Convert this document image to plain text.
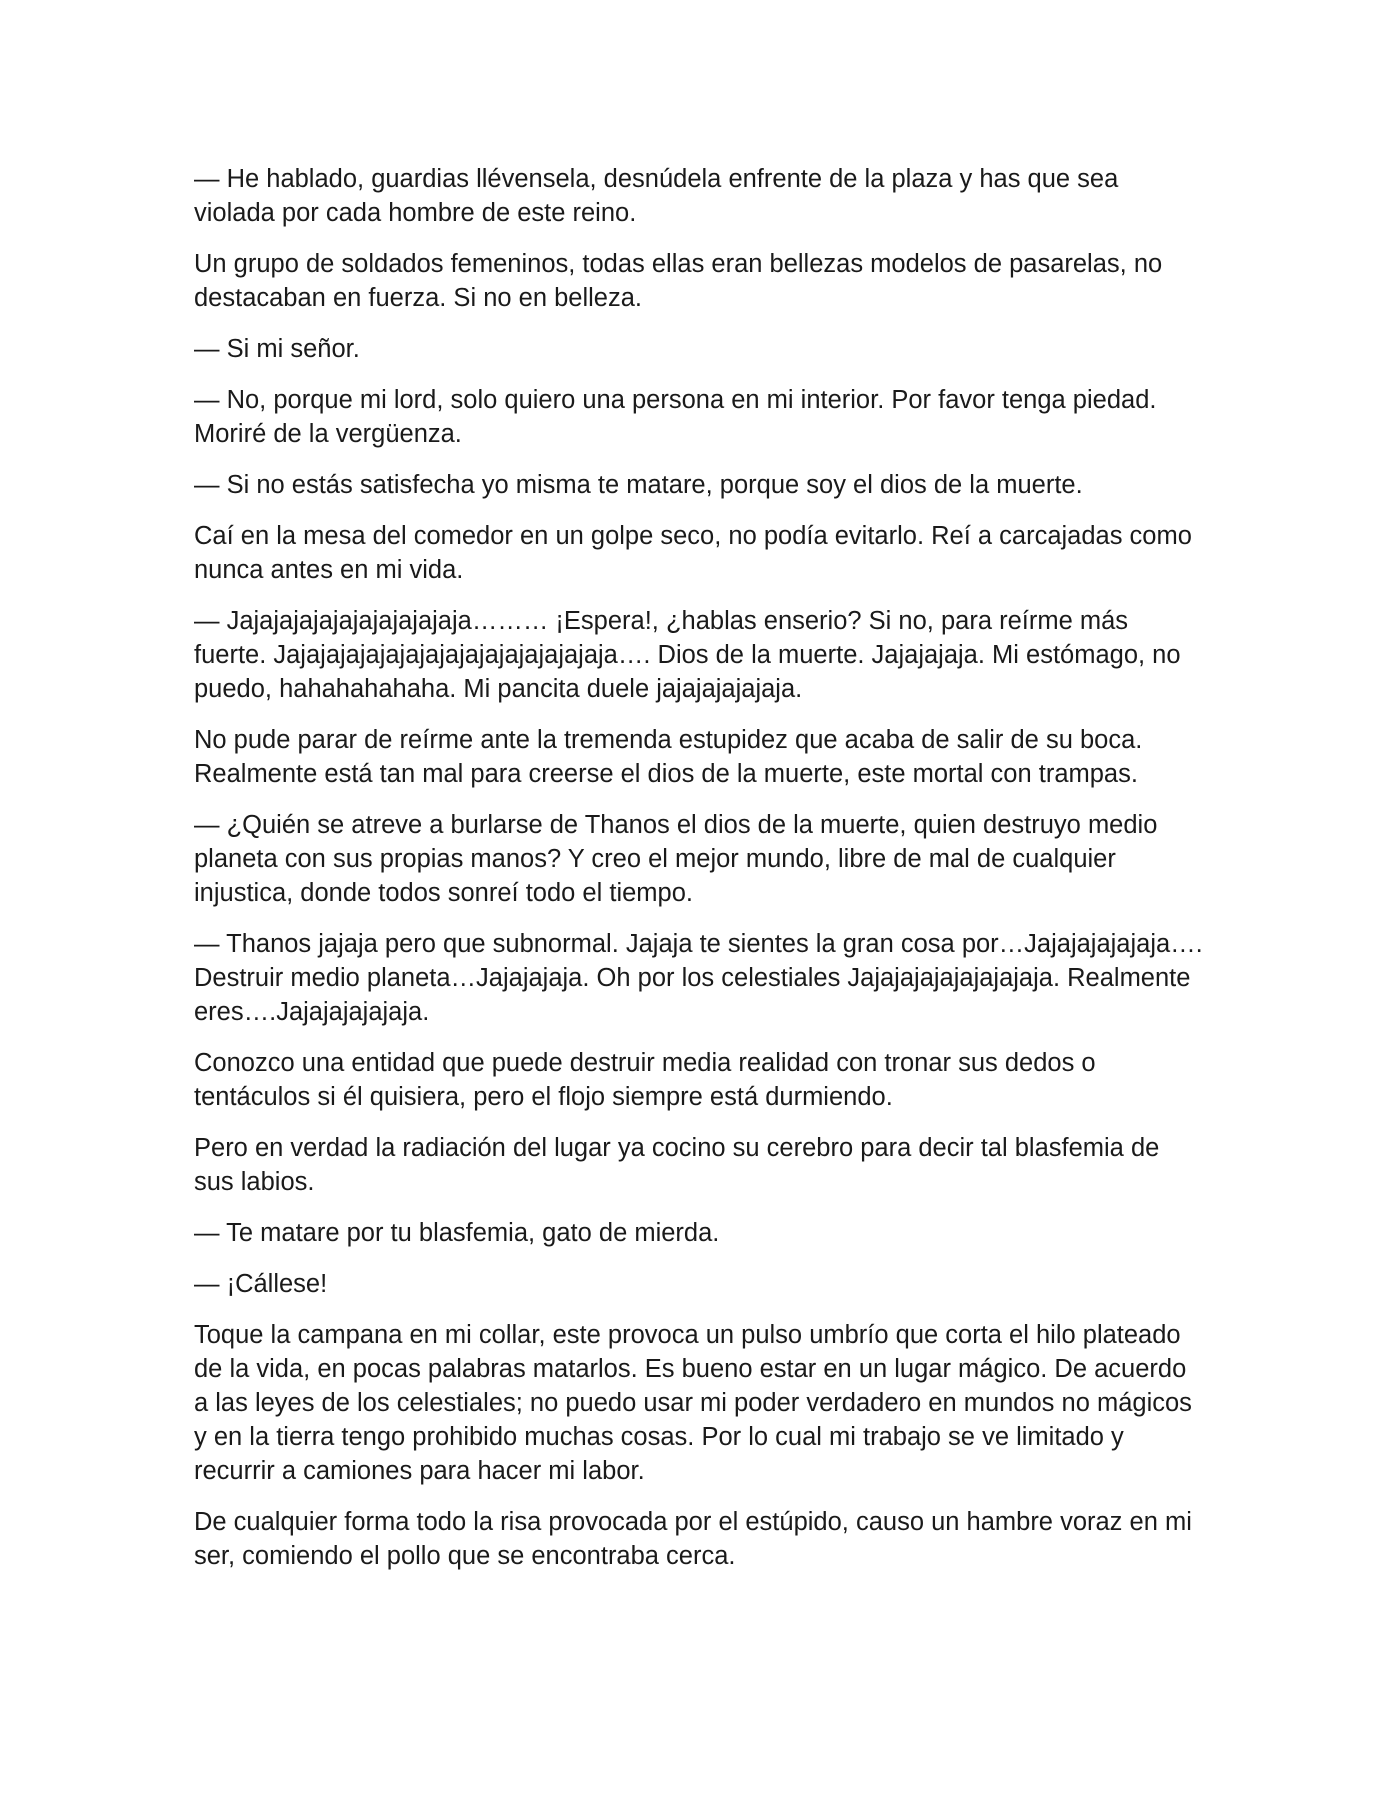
— He hablado, guardias llévensela, desnúdela enfrente de la plaza y has que sea violada por cada hombre de este reino.

Un grupo de soldados femeninos, todas ellas eran bellezas modelos de pasarelas, no destacaban en fuerza. Si no en belleza.

— Si mi señor.

— No, porque mi lord, solo quiero una persona en mi interior. Por favor tenga piedad. Moriré de la vergüenza.

— Si no estás satisfecha yo misma te matare, porque soy el dios de la muerte.

Caí en la mesa del comedor en un golpe seco, no podía evitarlo. Reí a carcajadas como nunca antes en mi vida.

— Jajajajajajajajajajajaja……… ¡Espera!, ¿hablas enserio? Si no, para reírme más fuerte. Jajajajajajajajajajajajajajajajaja…. Dios de la muerte. Jajajajaja. Mi estómago, no puedo, hahahahahaha. Mi pancita duele jajajajajajaja.

No pude parar de reírme ante la tremenda estupidez que acaba de salir de su boca. Realmente está tan mal para creerse el dios de la muerte, este mortal con trampas.

— ¿Quién se atreve a burlarse de Thanos el dios de la muerte, quien destruyo medio planeta con sus propias manos? Y creo el mejor mundo, libre de mal de cualquier injustica, donde todos sonreí todo el tiempo.

— Thanos jajaja pero que subnormal. Jajaja te sientes la gran cosa por…Jajajajajajaja…. Destruir medio planeta…Jajajajaja. Oh por los celestiales Jajajajajajajajajaja. Realmente eres….Jajajajajajaja.

Conozco una entidad que puede destruir media realidad con tronar sus dedos o tentáculos si él quisiera, pero el flojo siempre está durmiendo.

Pero en verdad la radiación del lugar ya cocino su cerebro para decir tal blasfemia de sus labios.

— Te matare por tu blasfemia, gato de mierda.

— ¡Cállese!

Toque la campana en mi collar, este provoca un pulso umbrío que corta el hilo plateado de la vida, en pocas palabras matarlos. Es bueno estar en un lugar mágico. De acuerdo a las leyes de los celestiales; no puedo usar mi poder verdadero en mundos no mágicos y en la tierra tengo prohibido muchas cosas. Por lo cual mi trabajo se ve limitado y recurrir a camiones para hacer mi labor.

De cualquier forma todo la risa provocada por el estúpido, causo un hambre voraz en mi ser, comiendo el pollo que se encontraba cerca.
